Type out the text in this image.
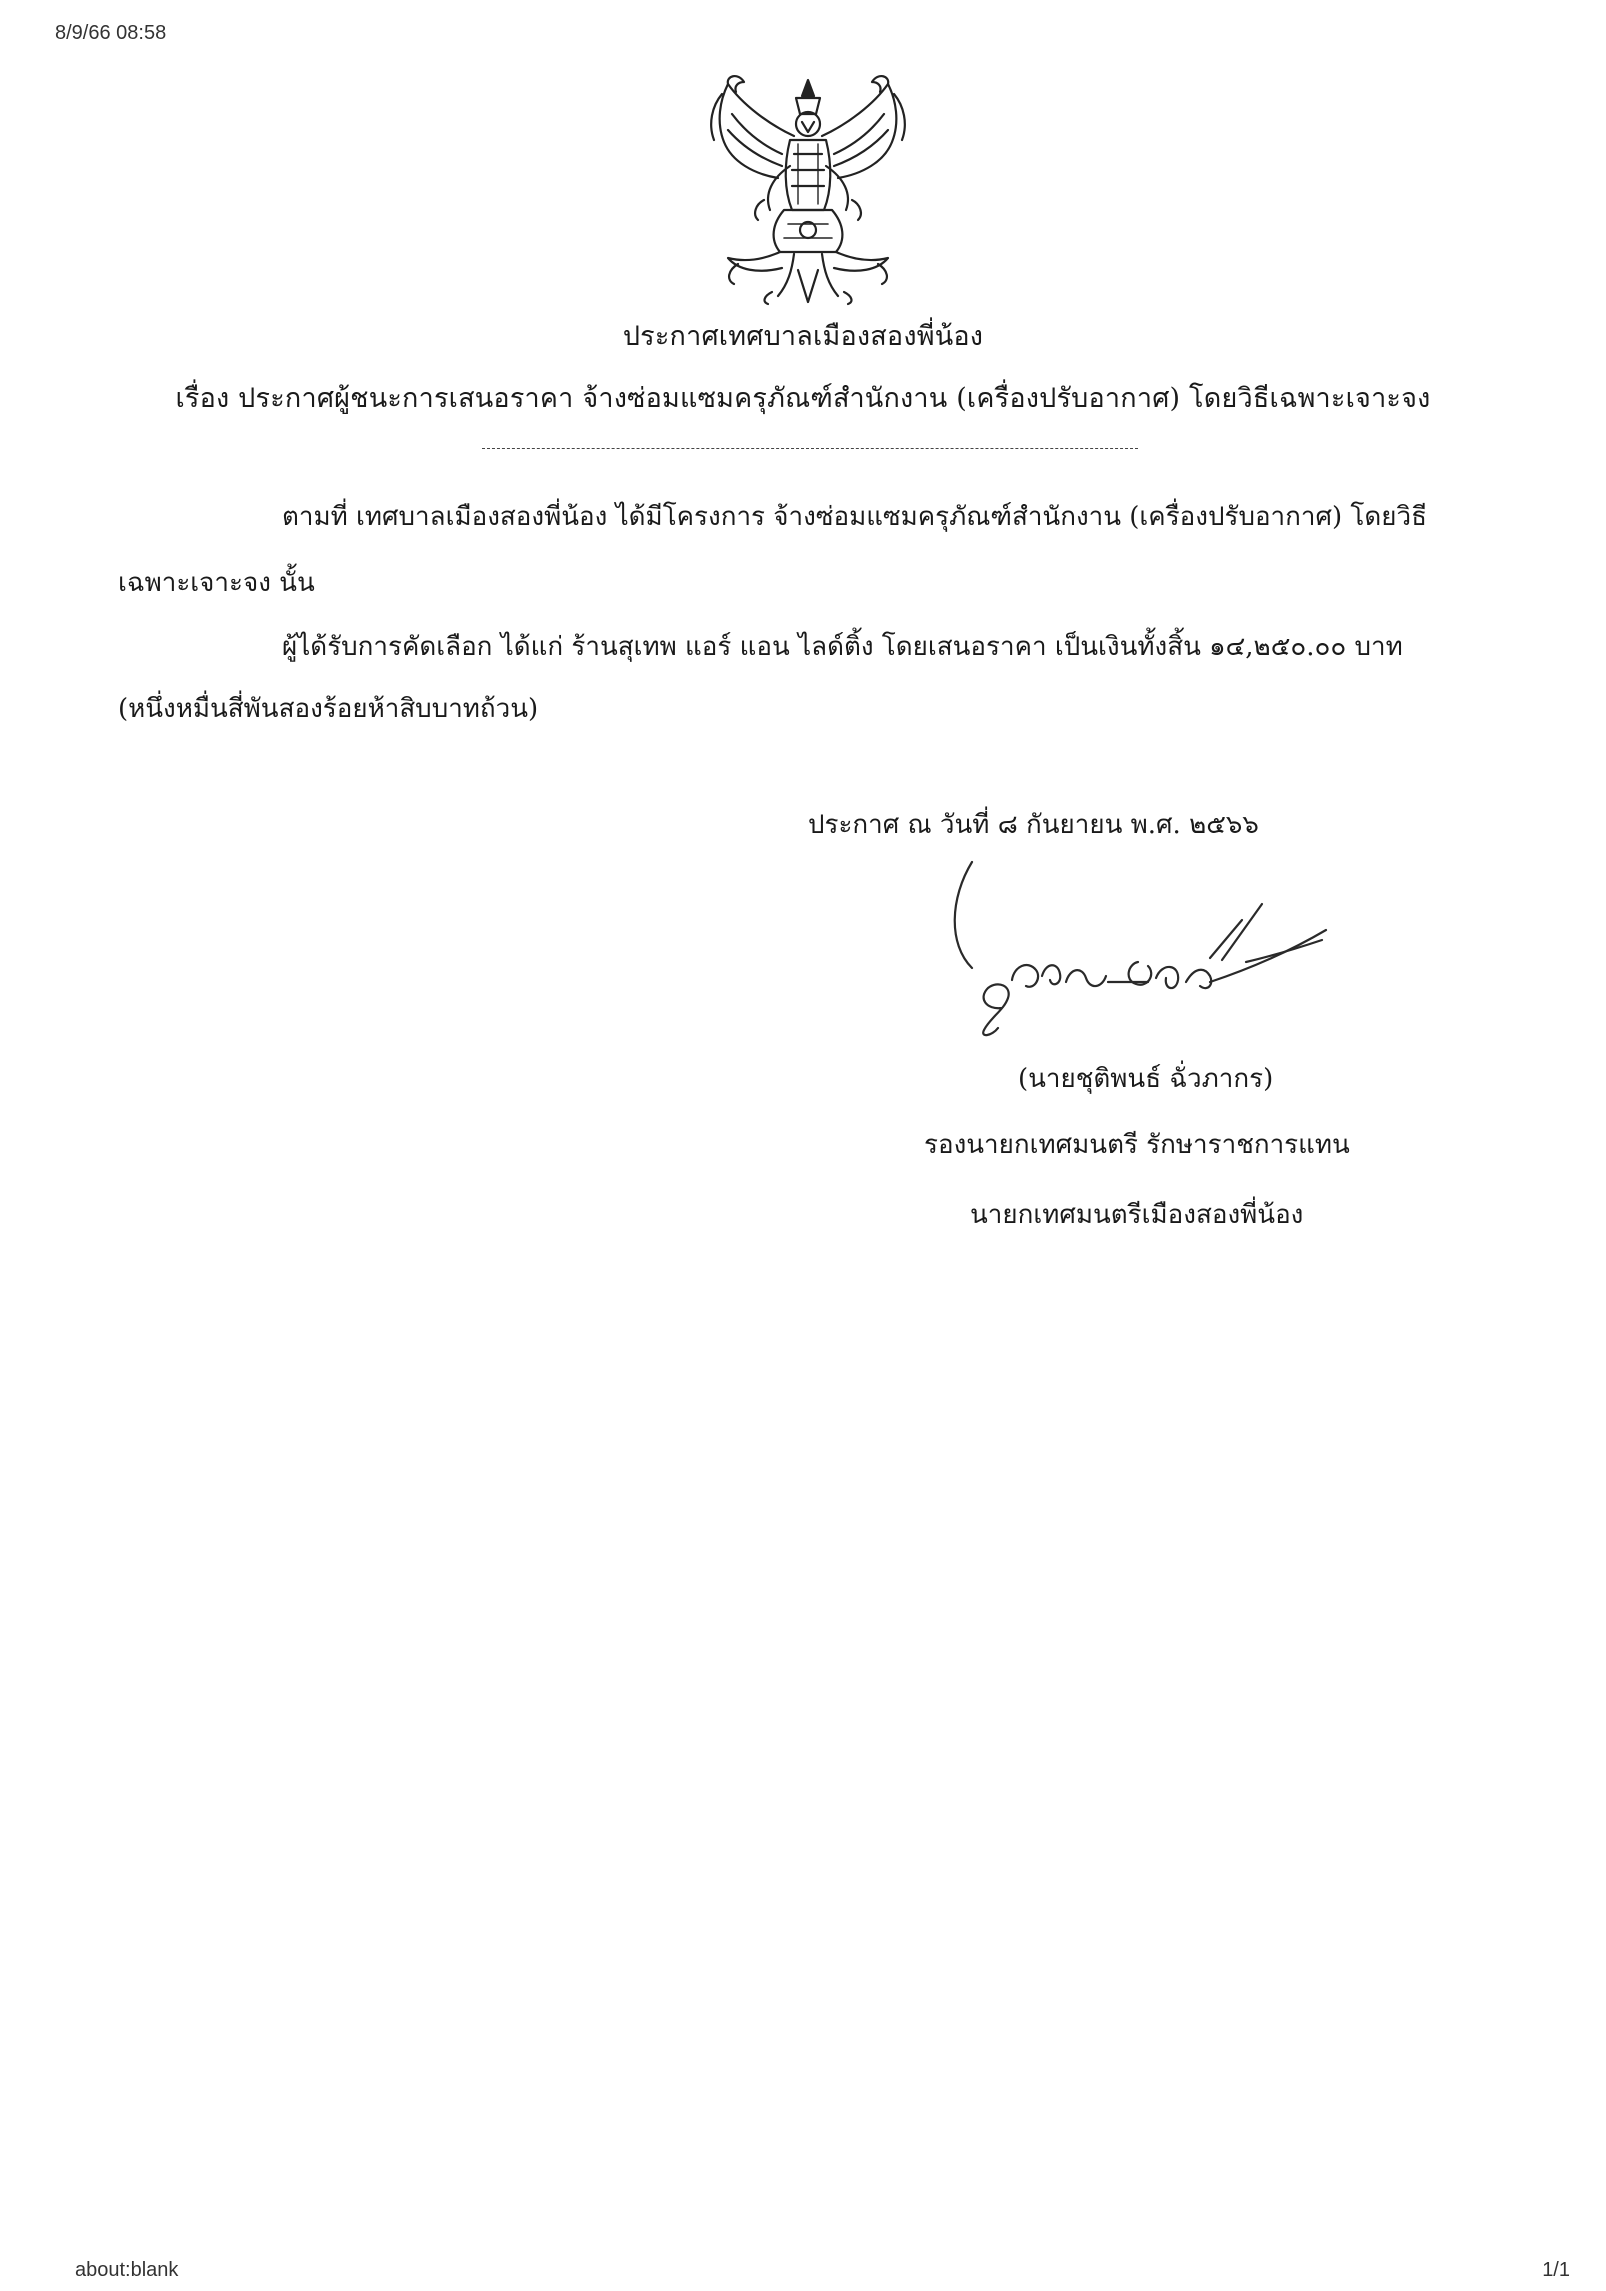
8/9/66 08:58
ประกาศเทศบาลเมืองสองพี่น้อง
เรื่อง ประกาศผู้ชนะการเสนอราคา จ้างซ่อมแซมครุภัณฑ์สำนักงาน (เครื่องปรับอากาศ) โดยวิธีเฉพาะเจาะจง
ตามที่ เทศบาลเมืองสองพี่น้อง ได้มีโครงการ จ้างซ่อมแซมครุภัณฑ์สำนักงาน (เครื่องปรับอากาศ) โดยวิธี
เฉพาะเจาะจง นั้น
ผู้ได้รับการคัดเลือก ได้แก่ ร้านสุเทพ แอร์ แอน ไลด์ติ้ง โดยเสนอราคา เป็นเงินทั้งสิ้น ๑๔,๒๕๐.๐๐ บาท
(หนึ่งหมื่นสี่พันสองร้อยห้าสิบบาทถ้วน)
ประกาศ ณ วันที่ ๘ กันยายน พ.ศ. ๒๕๖๖
(นายชุติพนธ์ ฉั่วภากร)
รองนายกเทศมนตรี รักษาราชการแทน
นายกเทศมนตรีเมืองสองพี่น้อง
about:blank	1/1
